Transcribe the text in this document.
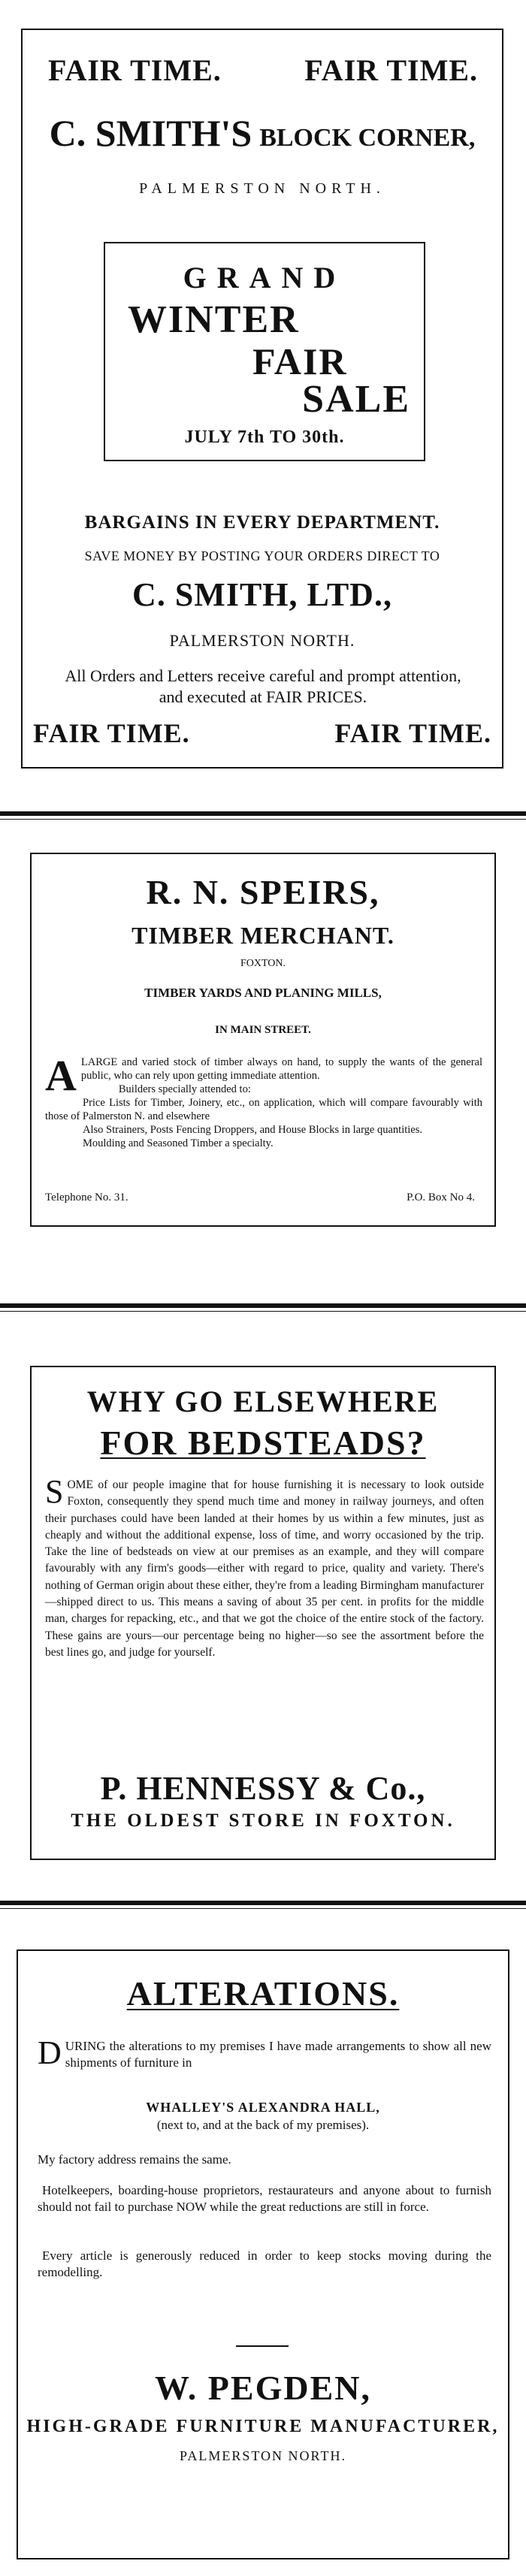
FAIR TIME.	FAIR TIME.
C. SMITH'S BLOCK CORNER,
PALMERSTON NORTH.
GRAND
WINTER
FAIR
SALE
JULY 7th TO 30th.
BARGAINS IN EVERY DEPARTMENT.
SAVE MONEY BY POSTING YOUR ORDERS DIRECT TO
C. SMITH, LTD.,
PALMERSTON NORTH.
All Orders and Letters receive careful and prompt attention, and executed at FAIR PRICES.
FAIR TIME.	FAIR TIME.
R. N. SPEIRS,
TIMBER MERCHANT.
FOXTON.
TIMBER YARDS AND PLANING MILLS,
IN MAIN STREET.
A LARGE and varied stock of timber always on hand, to supply the wants of the general public, who can rely upon getting immediate attention.

Builders specially attended to:

Price Lists for Timber, Joinery, etc., on application, which will compare favourably with those of Palmerston N. and elsewhere

Also Strainers, Posts Fencing Droppers, and House Blocks in large quantities.

Moulding and Seasoned Timber a specialty.

Telephone No. 31.	P.O. Box No 4.
WHY GO ELSEWHERE
FOR BEDSTEADS?
S OME of our people imagine that for house furnishing it is necessary to look outside Foxton, consequently they spend much time and money in railway journeys, and often their purchases could have been landed at their homes by us within a few minutes, just as cheaply and without the additional expense, loss of time, and worry occasioned by the trip. Take the line of bedsteads on view at our premises as an example, and they will compare favourably with any firm's goods—either with regard to price, quality and variety. There's nothing of German origin about these either, they're from a leading Birmingham manufacturer—shipped direct to us. This means a saving of about 35 per cent. in profits for the middle man, charges for repacking, etc., and that we got the choice of the entire stock of the factory. These gains are yours—our percentage being no higher—so see the assortment before the best lines go, and judge for yourself.

P. HENNESSY & Co.,
THE OLDEST STORE IN FOXTON.
ALTERATIONS.
D URING the alterations to my premises I have made arrangements to show all new shipments of furniture in

WHALLEY'S ALEXANDRA HALL,
(next to, and at the back of my premises).
My factory address remains the same.
Hotelkeepers, boarding-house proprietors, restaurateurs and anyone about to furnish should not fail to purchase NOW while the great reductions are still in force.
Every article is generously reduced in order to keep stocks moving during the remodelling.
W. PEGDEN,
HIGH-GRADE FURNITURE MANUFACTURER,
PALMERSTON NORTH.
